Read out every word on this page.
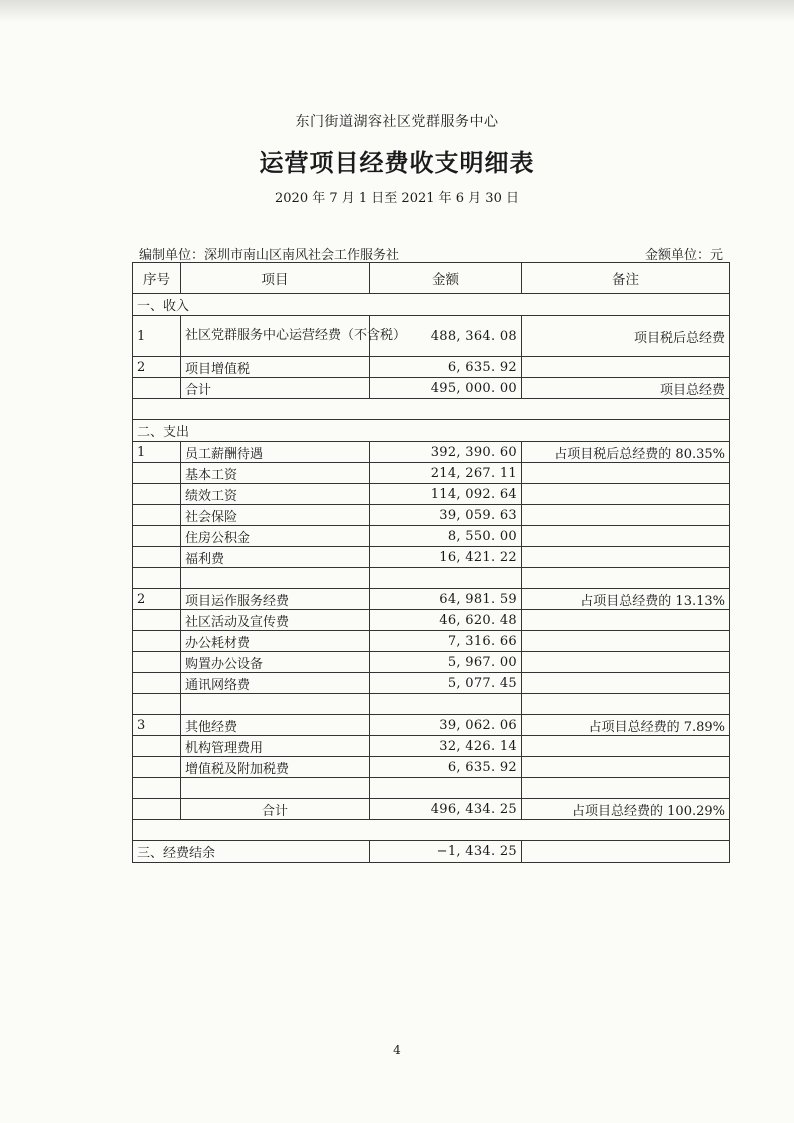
东门街道湖容社区党群服务中心
运营项目经费收支明细表
2020 年 7 月 1 日至 2021 年 6 月 30 日
编制单位：深圳市南山区南风社会工作服务社	金额单位：元
序号	项目	金额	备注
一、收入			
1	社区党群服务中心运营经费（不含税）	488, 364. 08	项目税后总经费
2	项目增值税	6, 635. 92	
	合计	495, 000. 00	项目总经费

二、支出			
1	员工薪酬待遇	392, 390. 60	占项目税后总经费的 80.35%
	基本工资	214, 267. 11	
	绩效工资	114, 092. 64	
	社会保险	39, 059. 63	
	住房公积金	8, 550. 00	
	福利费	16, 421. 22	

2	项目运作服务经费	64, 981. 59	占项目总经费的 13.13%
	社区活动及宣传费	46, 620. 48	
	办公耗材费	7, 316. 66	
	购置办公设备	5, 967. 00	
	通讯网络费	5, 077. 45	

3	其他经费	39, 062. 06	占项目总经费的 7.89%
	机构管理费用	32, 426. 14	
	增值税及附加税费	6, 635. 92	

	合计	496, 434. 25	占项目总经费的 100.29%

三、经费结余		−1, 434. 25	
4
